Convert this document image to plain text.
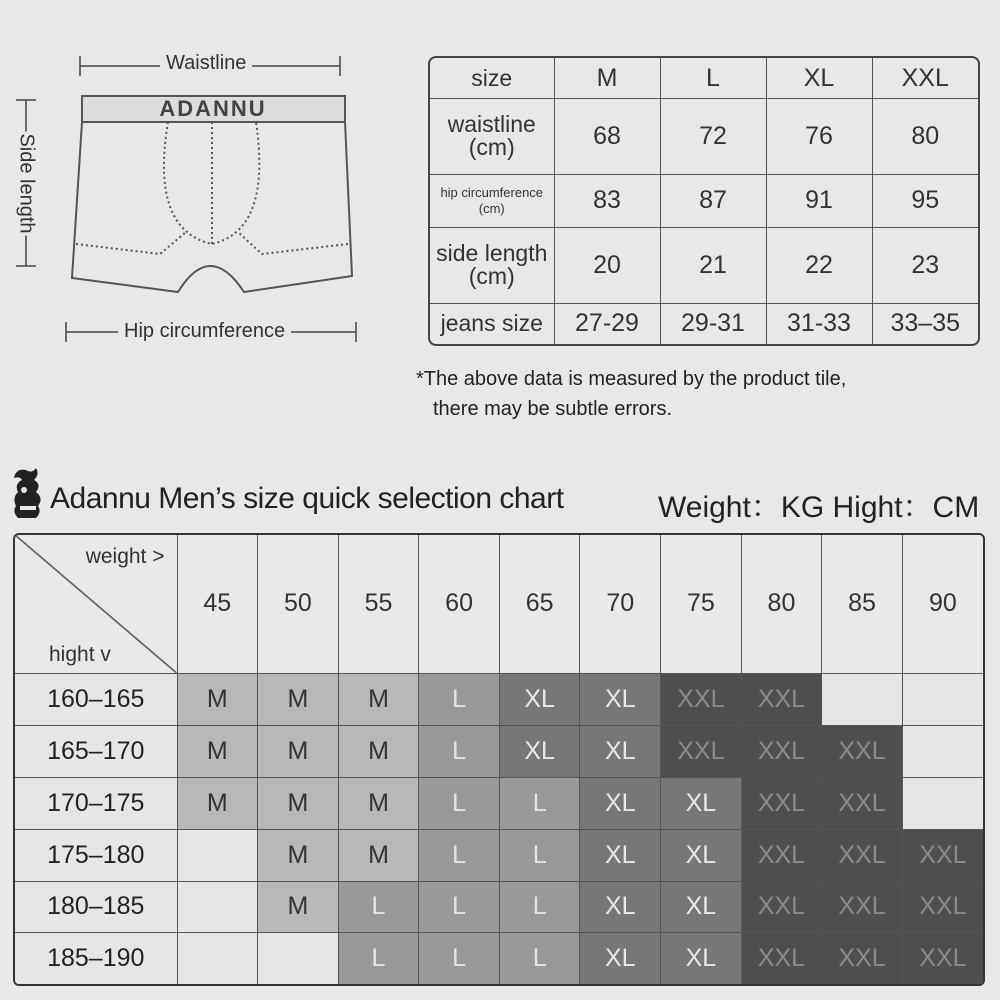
ADANNU
Waistline
Side length
Hip circumference
size	M	L	XL	XXL
waistline
(cm)	68	72	76	80
hip circumference
(cm)	83	87	91	95
side length
(cm)	20	21	22	23
jeans size	27-29	29-31	31-33	33–35
*The above data is measured by the product tile,
there may be subtle errors.
Adannu Men’s size quick selection chart	Weight：KG Hight：CM
weight >
hight v	45	50	55	60	65	70	75	80	85	90
160–165	M	M	M	L	XL	XL	XXL	XXL		
165–170	M	M	M	L	XL	XL	XXL	XXL	XXL	
170–175	M	M	M	L	L	XL	XL	XXL	XXL	
175–180		M	M	L	L	XL	XL	XXL	XXL	XXL
180–185		M	L	L	L	XL	XL	XXL	XXL	XXL
185–190			L	L	L	XL	XL	XXL	XXL	XXL
